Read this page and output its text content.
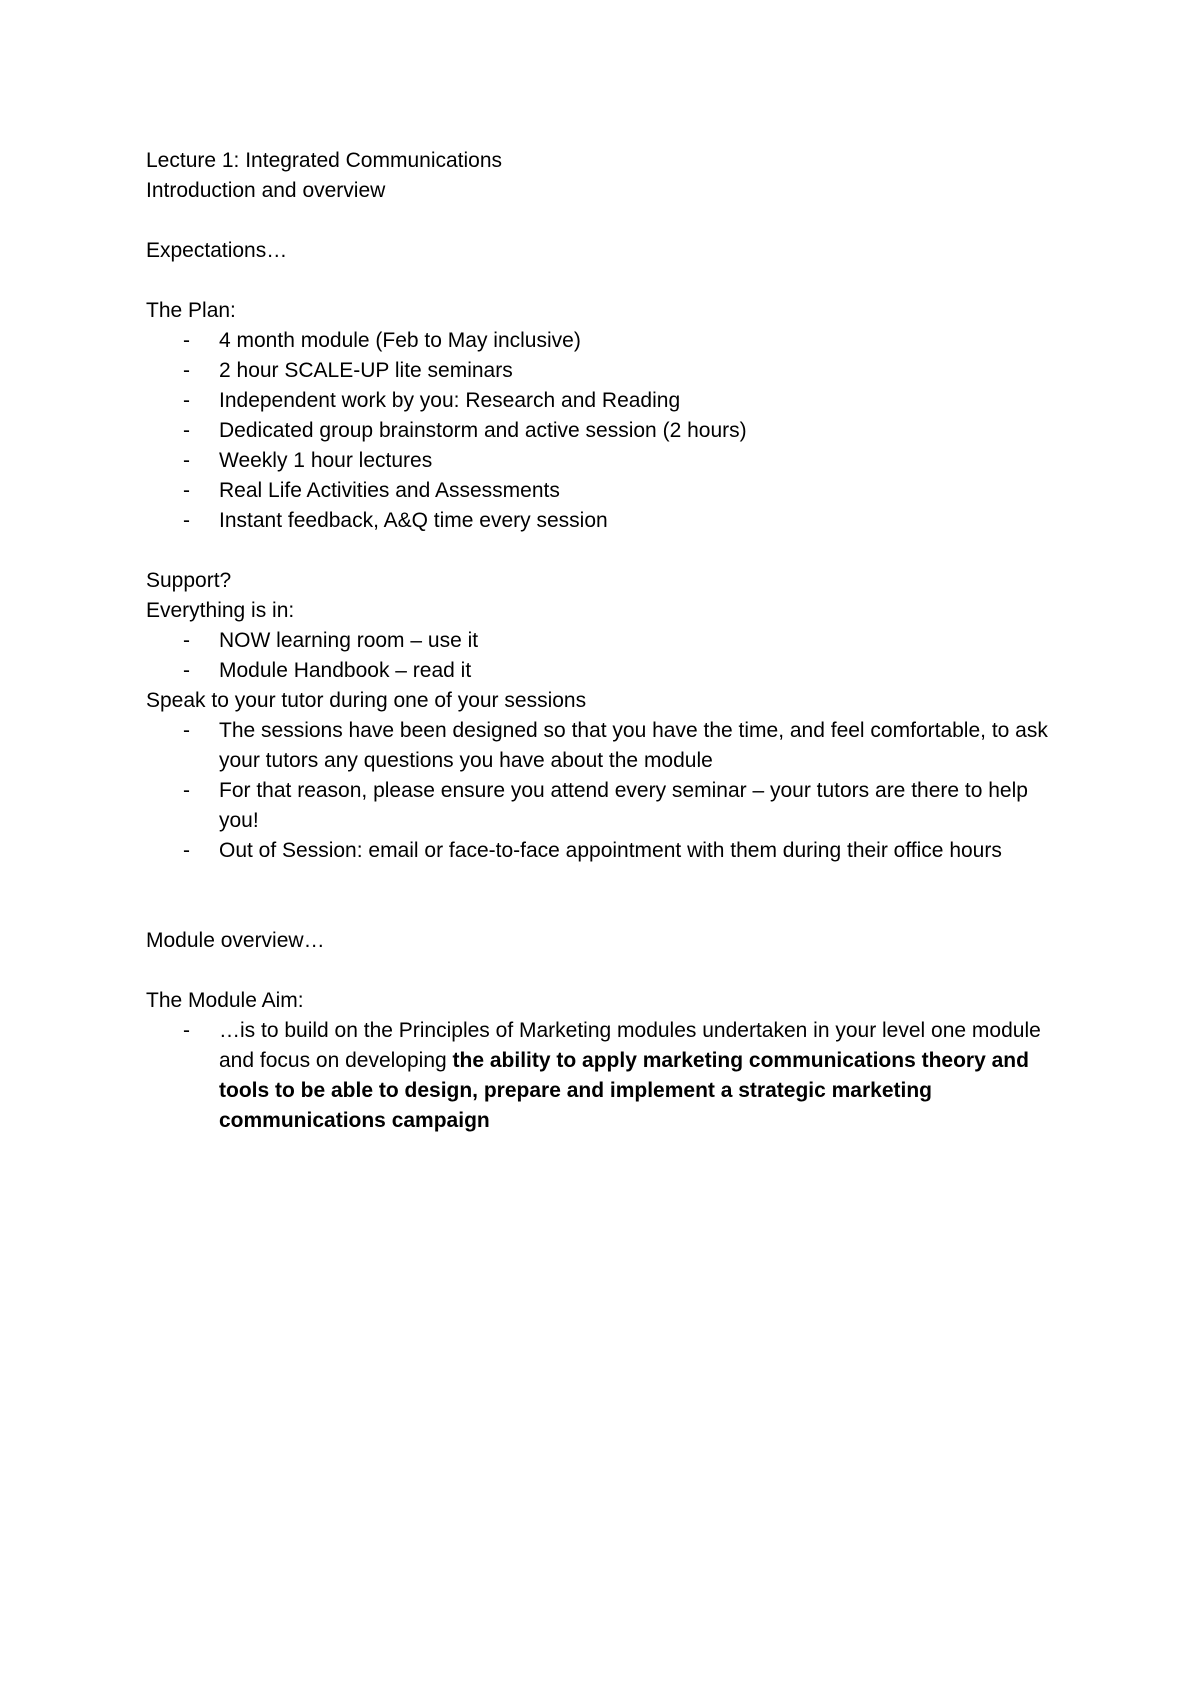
Lecture 1: Integrated Communications

Introduction and overview

Expectations…

The Plan:

- 4 month module (Feb to May inclusive)
- 2 hour SCALE-UP lite seminars
- Independent work by you: Research and Reading
- Dedicated group brainstorm and active session (2 hours)
- Weekly 1 hour lectures
- Real Life Activities and Assessments
- Instant feedback, A&Q time every session

Support?

Everything is in:

- NOW learning room – use it
- Module Handbook – read it

Speak to your tutor during one of your sessions

- The sessions have been designed so that you have the time, and feel comfortable, to ask your tutors any questions you have about the module
- For that reason, please ensure you attend every seminar – your tutors are there to help you!
- Out of Session: email or face-to-face appointment with them during their office hours

Module overview…

The Module Aim:

- …is to build on the Principles of Marketing modules undertaken in your level one module and focus on developing the ability to apply marketing communications theory and tools to be able to design, prepare and implement a strategic marketing communications campaign
